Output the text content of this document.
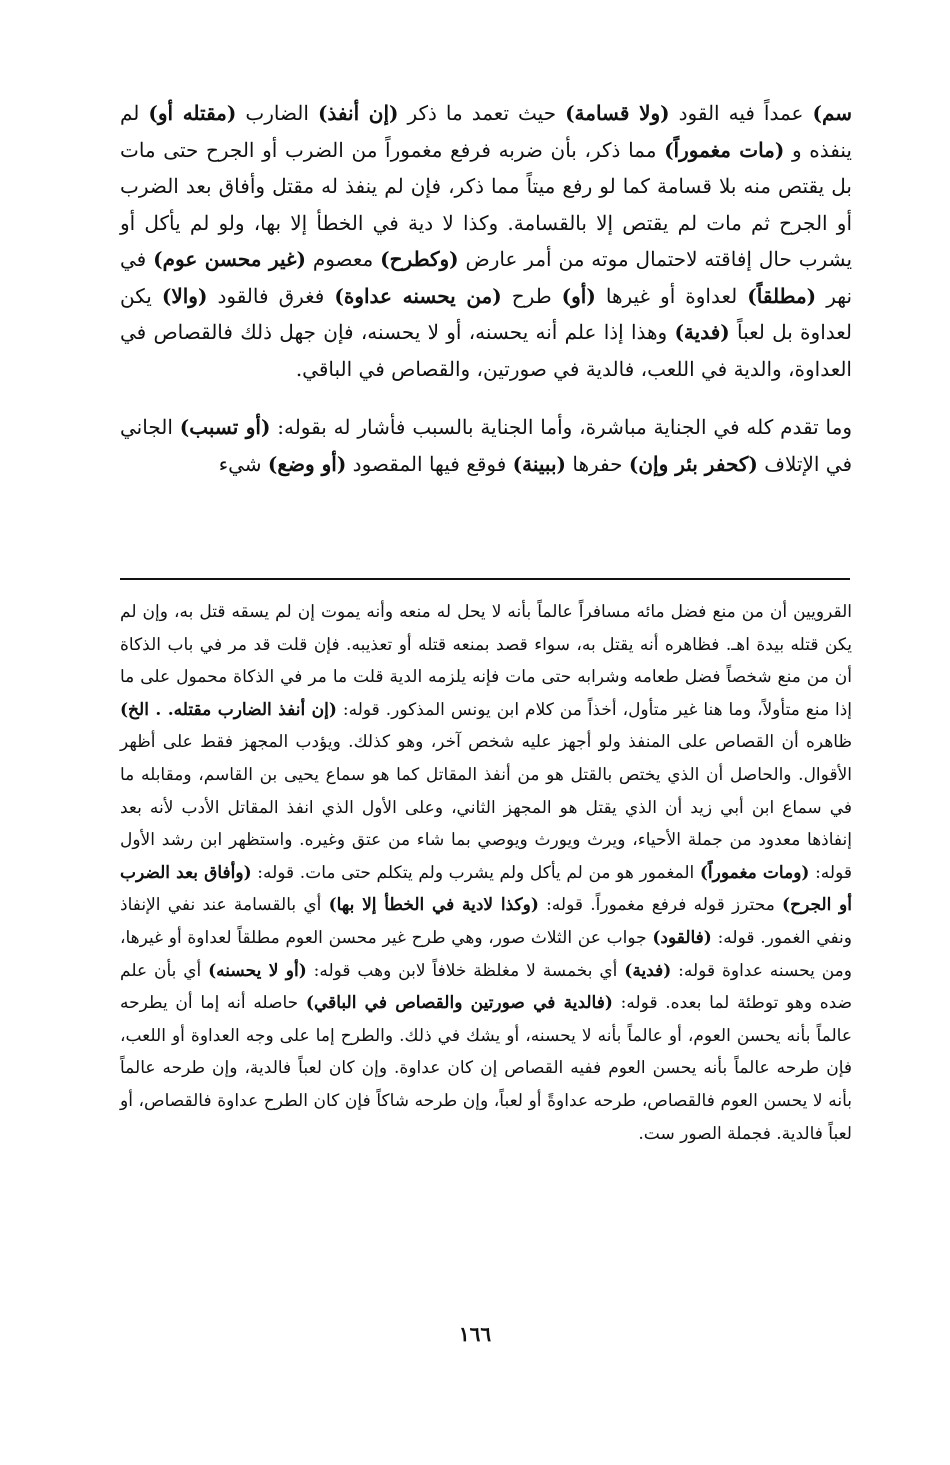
سم) عمداً فيه القود (ولا قسامة) حيث تعمد ما ذكر (إن أنفذ) الضارب (مقتله أو) لم ينفذه و (مات مغموراً) مما ذكر، بأن ضربه فرفع مغموراً من الضرب أو الجرح حتى مات بل يقتص منه بلا قسامة كما لو رفع ميتاً مما ذكر، فإن لم ينفذ له مقتل وأفاق بعد الضرب أو الجرح ثم مات لم يقتص إلا بالقسامة. وكذا لا دية في الخطأ إلا بها، ولو لم يأكل أو يشرب حال إفاقته لاحتمال موته من أمر عارض (وكطرح) معصوم (غير محسن عوم) في نهر (مطلقاً) لعداوة أو غيرها (أو) طرح (من يحسنه عداوة) فغرق فالقود (والا) يكن لعداوة بل لعباً (فدية) وهذا إذا علم أنه يحسنه، أو لا يحسنه، فإن جهل ذلك فالقصاص في العداوة، والدية في اللعب، فالدية في صورتين، والقصاص في الباقي.

وما تقدم كله في الجناية مباشرة، وأما الجناية بالسبب فأشار له بقوله: (أو تسبب) الجاني في الإتلاف (كحفر بئر وإن) حفرها (ببينة) فوقع فيها المقصود (أو وضع) شيء

القرويين أن من منع فضل مائه مسافراً عالماً بأنه لا يحل له منعه وأنه يموت إن لم يسقه قتل به، وإن لم يكن قتله بيدة اهـ. فظاهره أنه يقتل به، سواء قصد بمنعه قتله أو تعذيبه. فإن قلت قد مر في باب الذكاة أن من منع شخصاً فضل طعامه وشرابه حتى مات فإنه يلزمه الدية قلت ما مر في الذكاة محمول على ما إذا منع متأولاً، وما هنا غير متأول، أخذاً من كلام ابن يونس المذكور. قوله: (إن أنفذ الضارب مقتله. . الخ) ظاهره أن القصاص على المنفذ ولو أجهز عليه شخص آخر، وهو كذلك. ويؤدب المجهز فقط على أظهر الأقوال. والحاصل أن الذي يختص بالقتل هو من أنفذ المقاتل كما هو سماع يحيى بن القاسم، ومقابله ما في سماع ابن أبي زيد أن الذي يقتل هو المجهز الثاني، وعلى الأول الذي انفذ المقاتل الأدب لأنه بعد إنفاذها معدود من جملة الأحياء، ويرث ويورث ويوصي بما شاء من عتق وغيره. واستظهر ابن رشد الأول قوله: (ومات مغموراً) المغمور هو من لم يأكل ولم يشرب ولم يتكلم حتى مات. قوله: (وأفاق بعد الضرب أو الجرح) محترز قوله فرفع مغموراً. قوله: (وكذا لادية في الخطأ إلا بها) أي بالقسامة عند نفي الإنفاذ ونفي الغمور. قوله: (فالقود) جواب عن الثلاث صور، وهي طرح غير محسن العوم مطلقاً لعداوة أو غيرها، ومن يحسنه عداوة قوله: (فدية) أي بخمسة لا مغلظة خلافاً لابن وهب قوله: (أو لا يحسنه) أي بأن علم ضده وهو توطئة لما بعده. قوله: (فالدية في صورتين والقصاص في الباقي) حاصله أنه إما أن يطرحه عالماً بأنه يحسن العوم، أو عالماً بأنه لا يحسنه، أو يشك في ذلك. والطرح إما على وجه العداوة أو اللعب، فإن طرحه عالماً بأنه يحسن العوم ففيه القصاص إن كان عداوة. وإن كان لعباً فالدية، وإن طرحه عالماً بأنه لا يحسن العوم فالقصاص، طرحه عداوةً أو لعباً، وإن طرحه شاكاً فإن كان الطرح عداوة فالقصاص، أو لعباً فالدية. فجملة الصور ست.

١٦٦
